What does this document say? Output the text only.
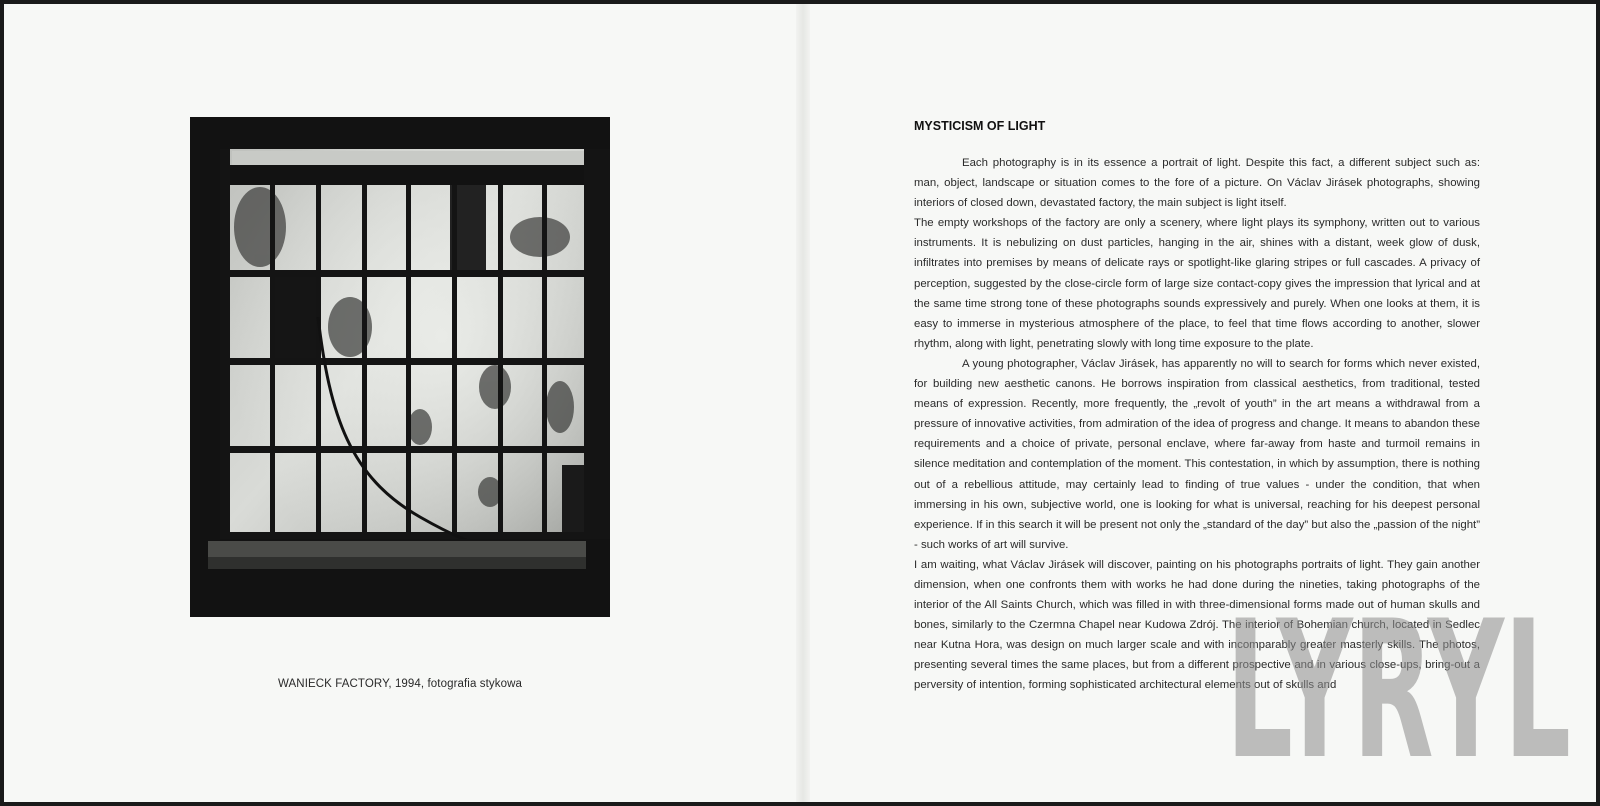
WANIECK FACTORY, 1994, fotografia stykowa
MYSTICISM OF LIGHT

Each photography is in its essence a portrait of light. Despite this fact, a different subject such as: man, object, landscape or situation comes to the fore of a picture. On Václav Jirásek photographs, showing interiors of closed down, devastated factory, the main subject is light itself.

The empty workshops of the factory are only a scenery, where light plays its symphony, written out to various instruments. It is nebulizing on dust particles, hanging in the air, shines with a distant, week glow of dusk, infiltrates into premises by means of delicate rays or spotlight-like glaring stripes or full cascades. A privacy of perception, suggested by the close-circle form of large size contact-copy gives the impression that lyrical and at the same time strong tone of these photographs sounds expressively and purely. When one looks at them, it is easy to immerse in mysterious atmosphere of the place, to feel that time flows according to another, slower rhythm, along with light, penetrating slowly with long time exposure to the plate.

A young photographer, Václav Jirásek, has apparently no will to search for forms which never existed, for building new aesthetic canons. He borrows inspiration from classical aesthetics, from traditional, tested means of expression. Recently, more frequently, the „revolt of youth” in the art means a withdrawal from a pressure of innovative activities, from admiration of the idea of progress and change. It means to abandon these requirements and a choice of private, personal enclave, where far-away from haste and turmoil remains in silence meditation and contemplation of the moment. This contestation, in which by assumption, there is nothing out of a rebellious attitude, may certainly lead to finding of true values - under the condition, that when immersing in his own, subjective world, one is looking for what is universal, reaching for his deepest personal experience. If in this search it will be present not only the „standard of the day” but also the „passion of the night” - such works of art will survive.

I am waiting, what Václav Jirásek will discover, painting on his photographs portraits of light. They gain another dimension, when one confronts them with works he had done during the nineties, taking photographs of the interior of the All Saints Church, which was filled in with three-dimensional forms made out of human skulls and bones, similarly to the Czermna Chapel near Kudowa Zdrój. The interior of Bohemian church, located in Sedlec near Kutna Hora, was design on much larger scale and with incomparably greater masterly skills. The photos, presenting several times the same places, but from a different prospective and in various close-ups, bring-out a perversity of intention, forming sophisticated architectural elements out of skulls and

LYRYL
